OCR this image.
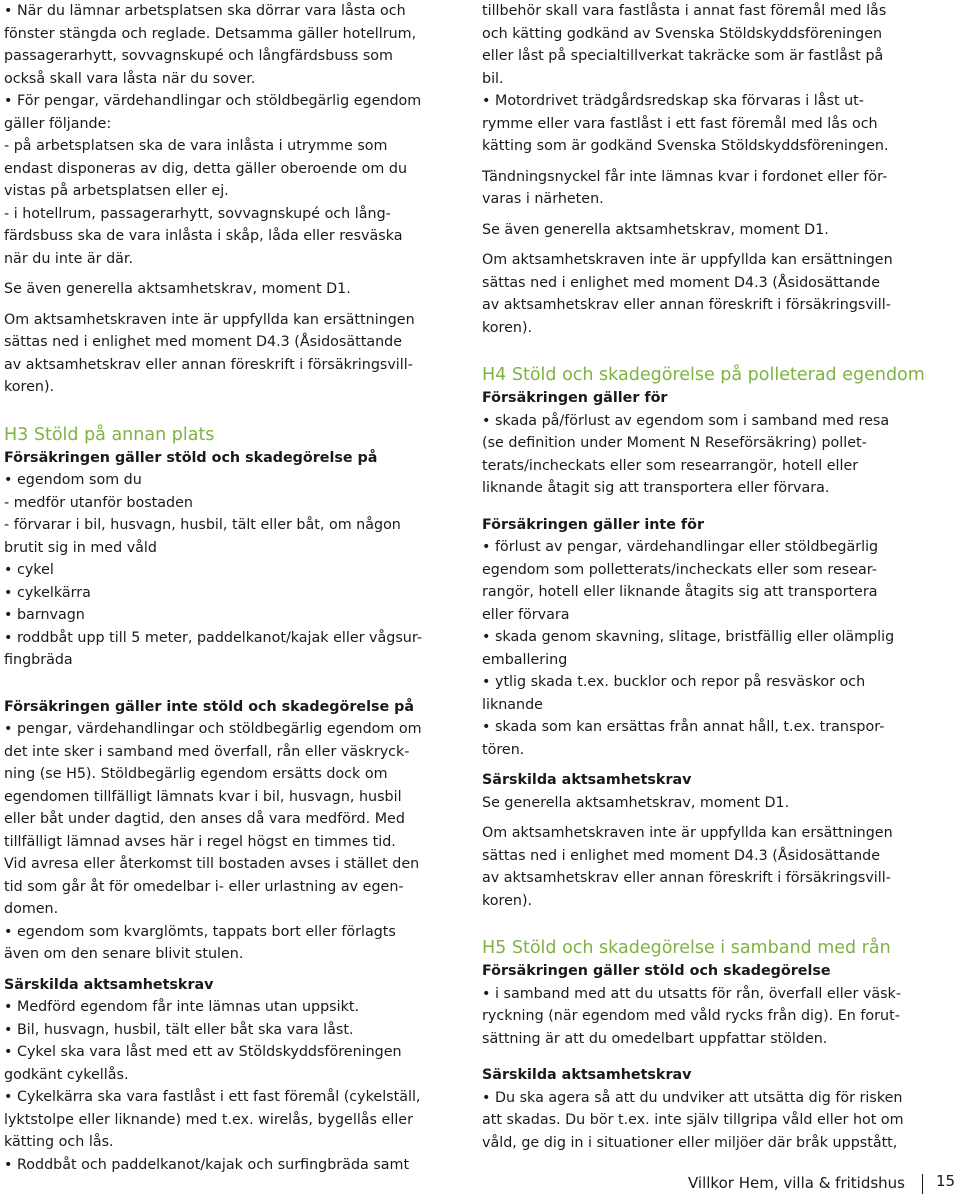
• När du lämnar arbetsplatsen ska dörrar vara låsta och
fönster stängda och reglade. Detsamma gäller hotellrum,
passagerarhytt, sovvagnskupé och långfärdsbuss som
också skall vara låsta när du sover.
• För pengar, värdehandlingar och stöldbegärlig egendom
gäller följande:
- på arbetsplatsen ska de vara inlåsta i utrymme som
endast disponeras av dig, detta gäller oberoende om du
vistas på arbetsplatsen eller ej.
- i hotellrum, passagerarhytt, sovvagnskupé och lång-
färdsbuss ska de vara inlåsta i skåp, låda eller resväska
när du inte är där.
Se även generella aktsamhetskrav, moment D1.
Om aktsamhetskraven inte är uppfyllda kan ersättningen
sättas ned i enlighet med moment D4.3 (Åsidosättande
av aktsamhetskrav eller annan föreskrift i försäkringsvill-
koren).
H3 Stöld på annan plats
Försäkringen gäller stöld och skadegörelse på
• egendom som du
- medför utanför bostaden
- förvarar i bil, husvagn, husbil, tält eller båt, om någon
brutit sig in med våld
• cykel
• cykelkärra
• barnvagn
• roddbåt upp till 5 meter, paddelkanot/kajak eller vågsur-
fingbräda
Försäkringen gäller inte stöld och skadegörelse på
• pengar, värdehandlingar och stöldbegärlig egendom om
det inte sker i samband med överfall, rån eller väskryck-
ning (se H5). Stöldbegärlig egendom ersätts dock om
egendomen tillfälligt lämnats kvar i bil, husvagn, husbil
eller båt under dagtid, den anses då vara medförd. Med
tillfälligt lämnad avses här i regel högst en timmes tid.
Vid avresa eller återkomst till bostaden avses i stället den
tid som går åt för omedelbar i- eller urlastning av egen-
domen.
• egendom som kvarglömts, tappats bort eller förlagts
även om den senare blivit stulen.
Särskilda aktsamhetskrav
• Medförd egendom får inte lämnas utan uppsikt.
• Bil, husvagn, husbil, tält eller båt ska vara låst.
• Cykel ska vara låst med ett av Stöldskyddsföreningen
godkänt cykellås.
• Cykelkärra ska vara fastlåst i ett fast föremål (cykelställ,
lyktstolpe eller liknande) med t.ex. wirelås, bygellås eller
kätting och lås.
• Roddbåt och paddelkanot/kajak och surfingbräda samt
tillbehör skall vara fastlåsta i annat fast föremål med lås
och kätting godkänd av Svenska Stöldskyddsföreningen
eller låst på specialtillverkat takräcke som är fastlåst på
bil.
• Motordrivet trädgårdsredskap ska förvaras i låst ut-
rymme eller vara fastlåst i ett fast föremål med lås och
kätting som är godkänd Svenska Stöldskyddsföreningen.
Tändningsnyckel får inte lämnas kvar i fordonet eller för-
varas i närheten.
Se även generella aktsamhetskrav, moment D1.
Om aktsamhetskraven inte är uppfyllda kan ersättningen
sättas ned i enlighet med moment D4.3 (Åsidosättande
av aktsamhetskrav eller annan föreskrift i försäkringsvill-
koren).
H4 Stöld och skadegörelse på polleterad egendom
Försäkringen gäller för
• skada på/förlust av egendom som i samband med resa
(se definition under Moment N Reseförsäkring) pollet-
terats/incheckats eller som researrangör, hotell eller
liknande åtagit sig att transportera eller förvara.
Försäkringen gäller inte för
• förlust av pengar, värdehandlingar eller stöldbegärlig
egendom som polletterats/incheckats eller som resear-
rangör, hotell eller liknande åtagits sig att transportera
eller förvara
• skada genom skavning, slitage, bristfällig eller olämplig
emballering
• ytlig skada t.ex. bucklor och repor på resväskor och
liknande
• skada som kan ersättas från annat håll, t.ex. transpor-
tören.
Särskilda aktsamhetskrav
Se generella aktsamhetskrav, moment D1.
Om aktsamhetskraven inte är uppfyllda kan ersättningen
sättas ned i enlighet med moment D4.3 (Åsidosättande
av aktsamhetskrav eller annan föreskrift i försäkringsvill-
koren).
H5 Stöld och skadegörelse i samband med rån
Försäkringen gäller stöld och skadegörelse
• i samband med att du utsatts för rån, överfall eller väsk-
ryckning (när egendom med våld rycks från dig). En forut-
sättning är att du omedelbart uppfattar stölden.
Särskilda aktsamhetskrav
• Du ska agera så att du undviker att utsätta dig för risken
att skadas. Du bör t.ex. inte själv tillgripa våld eller hot om
våld, ge dig in i situationer eller miljöer där bråk uppstått,
Villkor Hem, villa & fritidshus 15
